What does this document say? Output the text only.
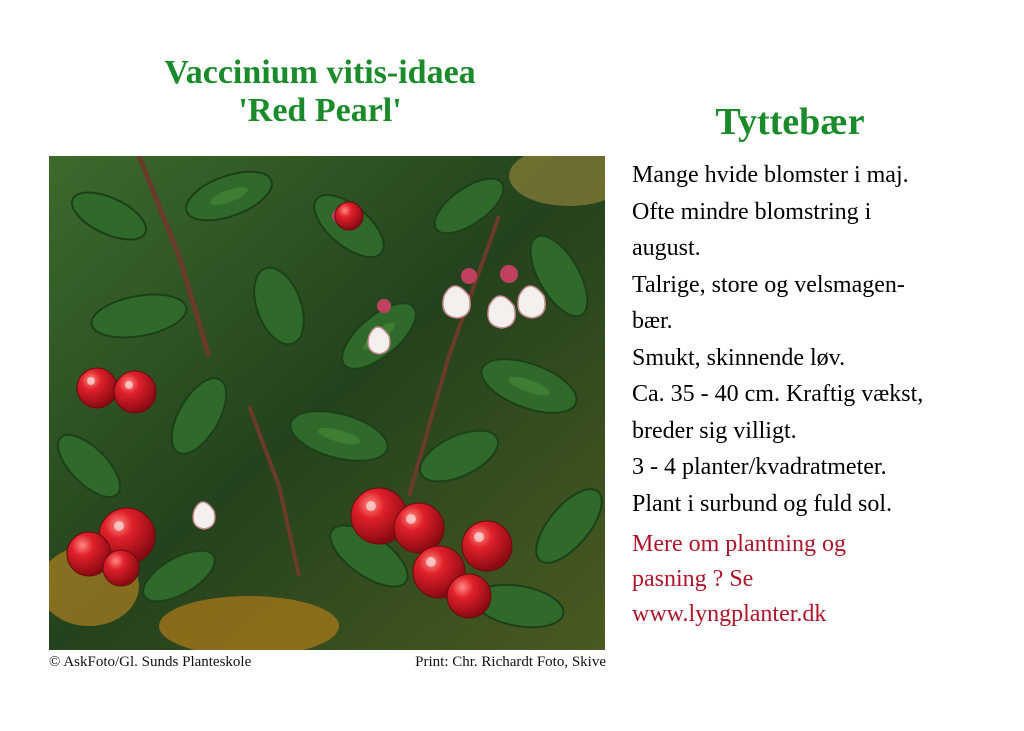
Vaccinium vitis-idaea
'Red Pearl'	Tyttebær
© AskFoto/Gl. Sunds Planteskole	Print: Chr. Richardt Foto, Skive
Mange hvide blomster i maj.
Ofte mindre blomstring i
august.
Talrige, store og velsmagen-
bær.
Smukt, skinnende løv.
Ca. 35 - 40 cm. Kraftig vækst,
breder sig villigt.
3 - 4 planter/kvadratmeter.
Plant i surbund og fuld sol.
Mere om plantning og
pasning ? Se
www.lyngplanter.dk
